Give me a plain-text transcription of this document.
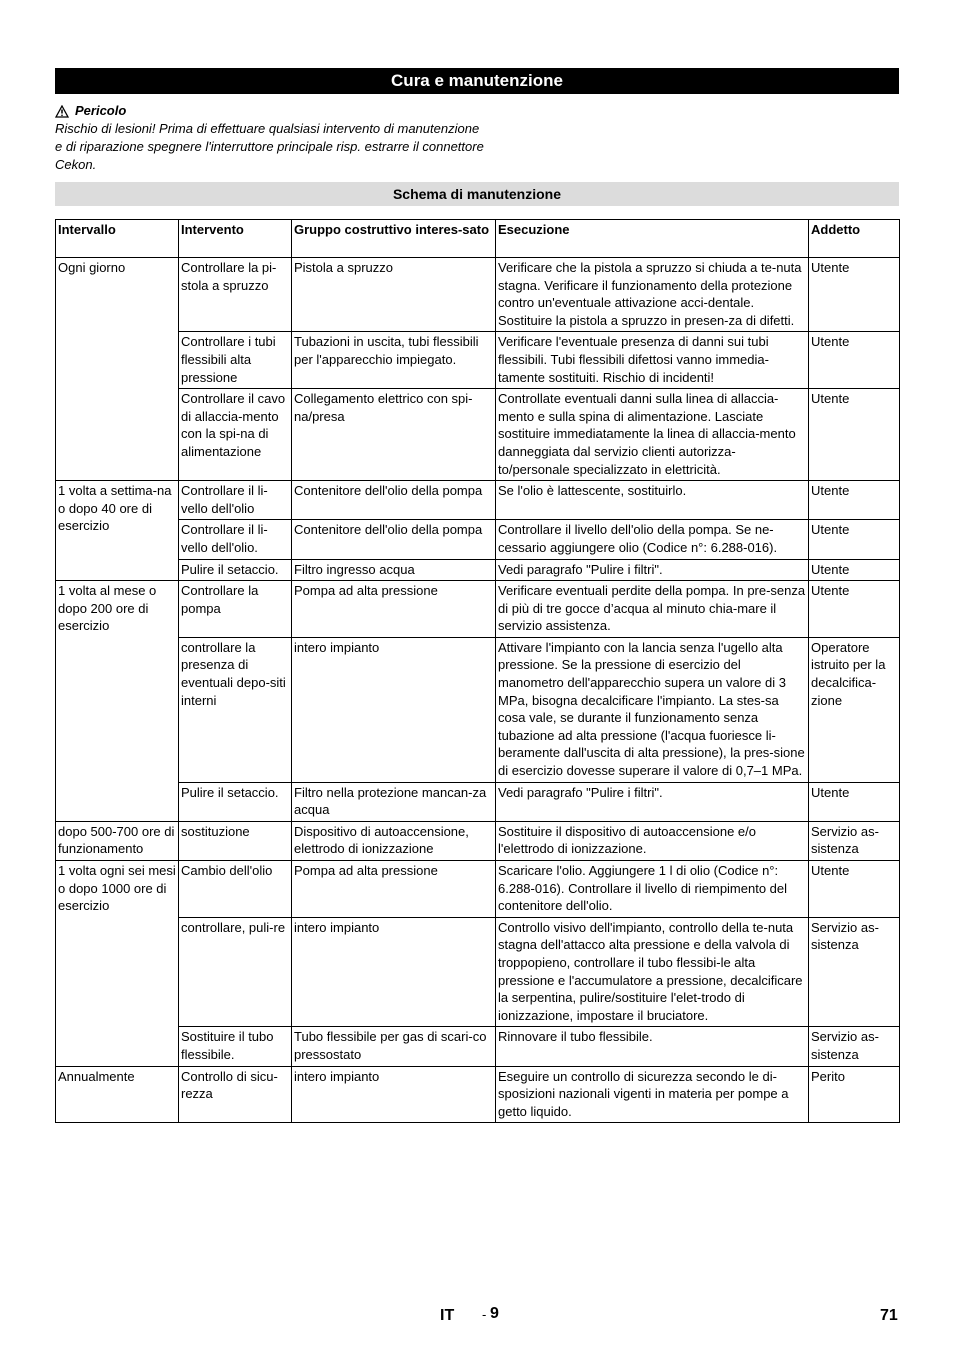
Cura e manutenzione
Pericolo
Rischio di lesioni! Prima di effettuare qualsiasi intervento di manutenzione e di riparazione spegnere l'interruttore principale risp. estrarre il connettore Cekon.
Schema di manutenzione
Intervallo	Intervento	Gruppo costruttivo interes-sato	Esecuzione	Addetto
Ogni giorno	Controllare la pi-stola a spruzzo	Pistola a spruzzo	Verificare che la pistola a spruzzo si chiuda a te-nuta stagna. Verificare il funzionamento della protezione contro un'eventuale attivazione acci-dentale. Sostituire la pistola a spruzzo in presen-za di difetti.	Utente
	Controllare i tubi flessibili alta pressione	Tubazioni in uscita, tubi flessibili per l'apparecchio impiegato.	Verificare l'eventuale presenza di danni sui tubi flessibili. Tubi flessibili difettosi vanno immedia-tamente sostituiti. Rischio di incidenti!	Utente
	Controllare il cavo di allaccia-mento con la spi-na di alimentazione	Collegamento elettrico con spi-na/presa	Controllate eventuali danni sulla linea di allaccia-mento e sulla spina di alimentazione. Lasciate sostituire immediatamente la linea di allaccia-mento danneggiata dal servizio clienti autorizza-to/personale specializzato in elettricità.	Utente
1 volta a settima-na o dopo 40 ore di esercizio	Controllare il li-vello dell'olio	Contenitore dell'olio della pompa	Se l'olio è lattescente, sostituirlo.	Utente
	Controllare il li-vello dell'olio.	Contenitore dell'olio della pompa	Controllare il livello dell'olio della pompa. Se ne-cessario aggiungere olio (Codice n°: 6.288-016).	Utente
	Pulire il setaccio.	Filtro ingresso acqua	Vedi paragrafo "Pulire i filtri".	Utente
1 volta al mese o dopo 200 ore di esercizio	Controllare la pompa	Pompa ad alta pressione	Verificare eventuali perdite della pompa. In pre-senza di più di tre gocce d’acqua al minuto chia-mare il servizio assistenza.	Utente
	controllare la presenza di eventuali depo-siti interni	intero impianto	Attivare l'impianto con la lancia senza l'ugello alta pressione. Se la pressione di esercizio del manometro dell'apparecchio supera un valore di 3 MPa, bisogna decalcificare l'impianto. La stes-sa cosa vale, se durante il funzionamento senza tubazione ad alta pressione (l'acqua fuoriesce li-beramente dall'uscita di alta pressione), la pres-sione di esercizio dovesse superare il valore di 0,7–1 MPa.	Operatore istruito per la decalcifica-zione
	Pulire il setaccio.	Filtro nella protezione mancan-za acqua	Vedi paragrafo "Pulire i filtri".	Utente
dopo 500-700 ore di funzionamento	sostituzione	Dispositivo di autoaccensione, elettrodo di ionizzazione	Sostituire il dispositivo di autoaccensione e/o l'elettrodo di ionizzazione.	Servizio as-sistenza
1 volta ogni sei mesi o dopo 1000 ore di esercizio	Cambio dell'olio	Pompa ad alta pressione	Scaricare l'olio. Aggiungere 1 l di olio (Codice n°: 6.288-016). Controllare il livello di riempimento del contenitore dell'olio.	Utente
	controllare, puli-re	intero impianto	Controllo visivo dell'impianto, controllo della te-nuta stagna dell'attacco alta pressione e della valvola di troppopieno, controllare il tubo flessibi-le alta pressione e l'accumulatore a pressione, decalcificare la serpentina, pulire/sostituire l'elet-trodo di ionizzazione, impostare il bruciatore.	Servizio as-sistenza
	Sostituire il tubo flessibile.	Tubo flessibile per gas di scari-co pressostato	Rinnovare il tubo flessibile.	Servizio as-sistenza
Annualmente	Controllo di sicu-rezza	intero impianto	Eseguire un controllo di sicurezza secondo le di-sposizioni nazionali vigenti in materia per pompe a getto liquido.	Perito
IT - 9	71
